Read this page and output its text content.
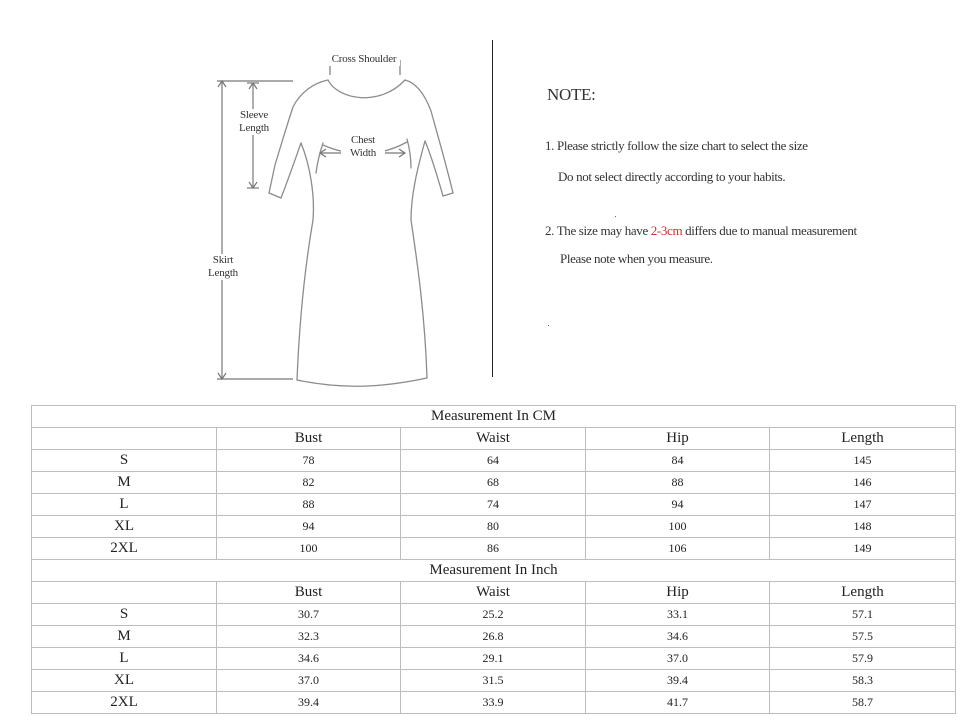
Cross Shoulder
Sleeve
Length
Chest
Width
Skirt
Length
NOTE:
1. Please strictly follow the size chart to select the size
Do not select directly according to your habits.
2. The size may have 2-3cm differs due to manual measurement
Please note when you measure.
Measurement In CM				
	Bust	Waist	Hip	Length
S	78	64	84	145
M	82	68	88	146
L	88	74	94	147
XL	94	80	100	148
2XL	100	86	106	149
Measurement In Inch				
	Bust	Waist	Hip	Length
S	30.7	25.2	33.1	57.1
M	32.3	26.8	34.6	57.5
L	34.6	29.1	37.0	57.9
XL	37.0	31.5	39.4	58.3
2XL	39.4	33.9	41.7	58.7
